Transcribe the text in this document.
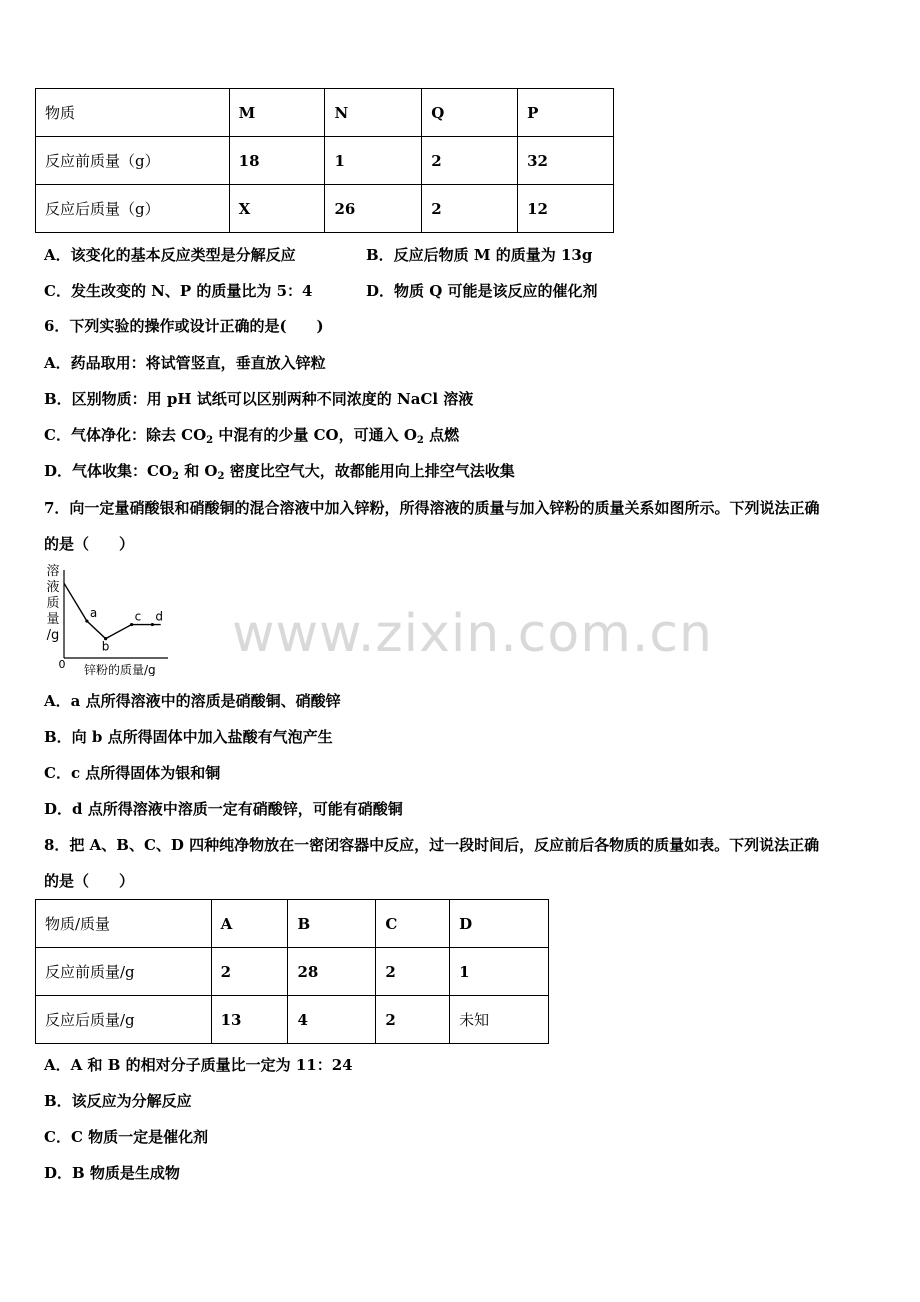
物质	M	N	Q	P
反应前质量（g）	18	1	2	32
反应后质量（g）	X	26	2	12
A．该变化的基本反应类型是分解反应	B．反应后物质 M 的质量为 13g
C．发生改变的 N、P 的质量比为 5：4	D．物质 Q 可能是该反应的催化剂
6．下列实验的操作或设计正确的是(　　)
A．药品取用：将试管竖直，垂直放入锌粒
B．区别物质：用 pH 试纸可以区别两种不同浓度的 NaCl 溶液
C．气体净化：除去 $CO_2$ 中混有的少量 CO，可通入 $O_2$ 点燃
D．气体收集：$CO_2$ 和 $O_2$ 密度比空气大，故都能用向上排空气法收集
7．向一定量硝酸银和硝酸铜的混合溶液中加入锌粉，所得溶液的质量与加入锌粉的质量关系如图所示。下列说法正确
的是（　　）
溶
液
质
量
/g
0 锌粉的质量/g
a
b
c d
A．a 点所得溶液中的溶质是硝酸铜、硝酸锌
B．向 b 点所得固体中加入盐酸有气泡产生
C．c 点所得固体为银和铜
D．d 点所得溶液中溶质一定有硝酸锌，可能有硝酸铜
8．把 A、B、C、D 四种纯净物放在一密闭容器中反应，过一段时间后，反应前后各物质的质量如表。下列说法正确
的是（　　）
物质/质量	A	B	C	D
反应前质量/g	2	28	2	1
反应后质量/g	13	4	2	未知
A．A 和 B 的相对分子质量比一定为 11：24
B．该反应为分解反应
C．C 物质一定是催化剂
D．B 物质是生成物
www.zixin.com.cn
